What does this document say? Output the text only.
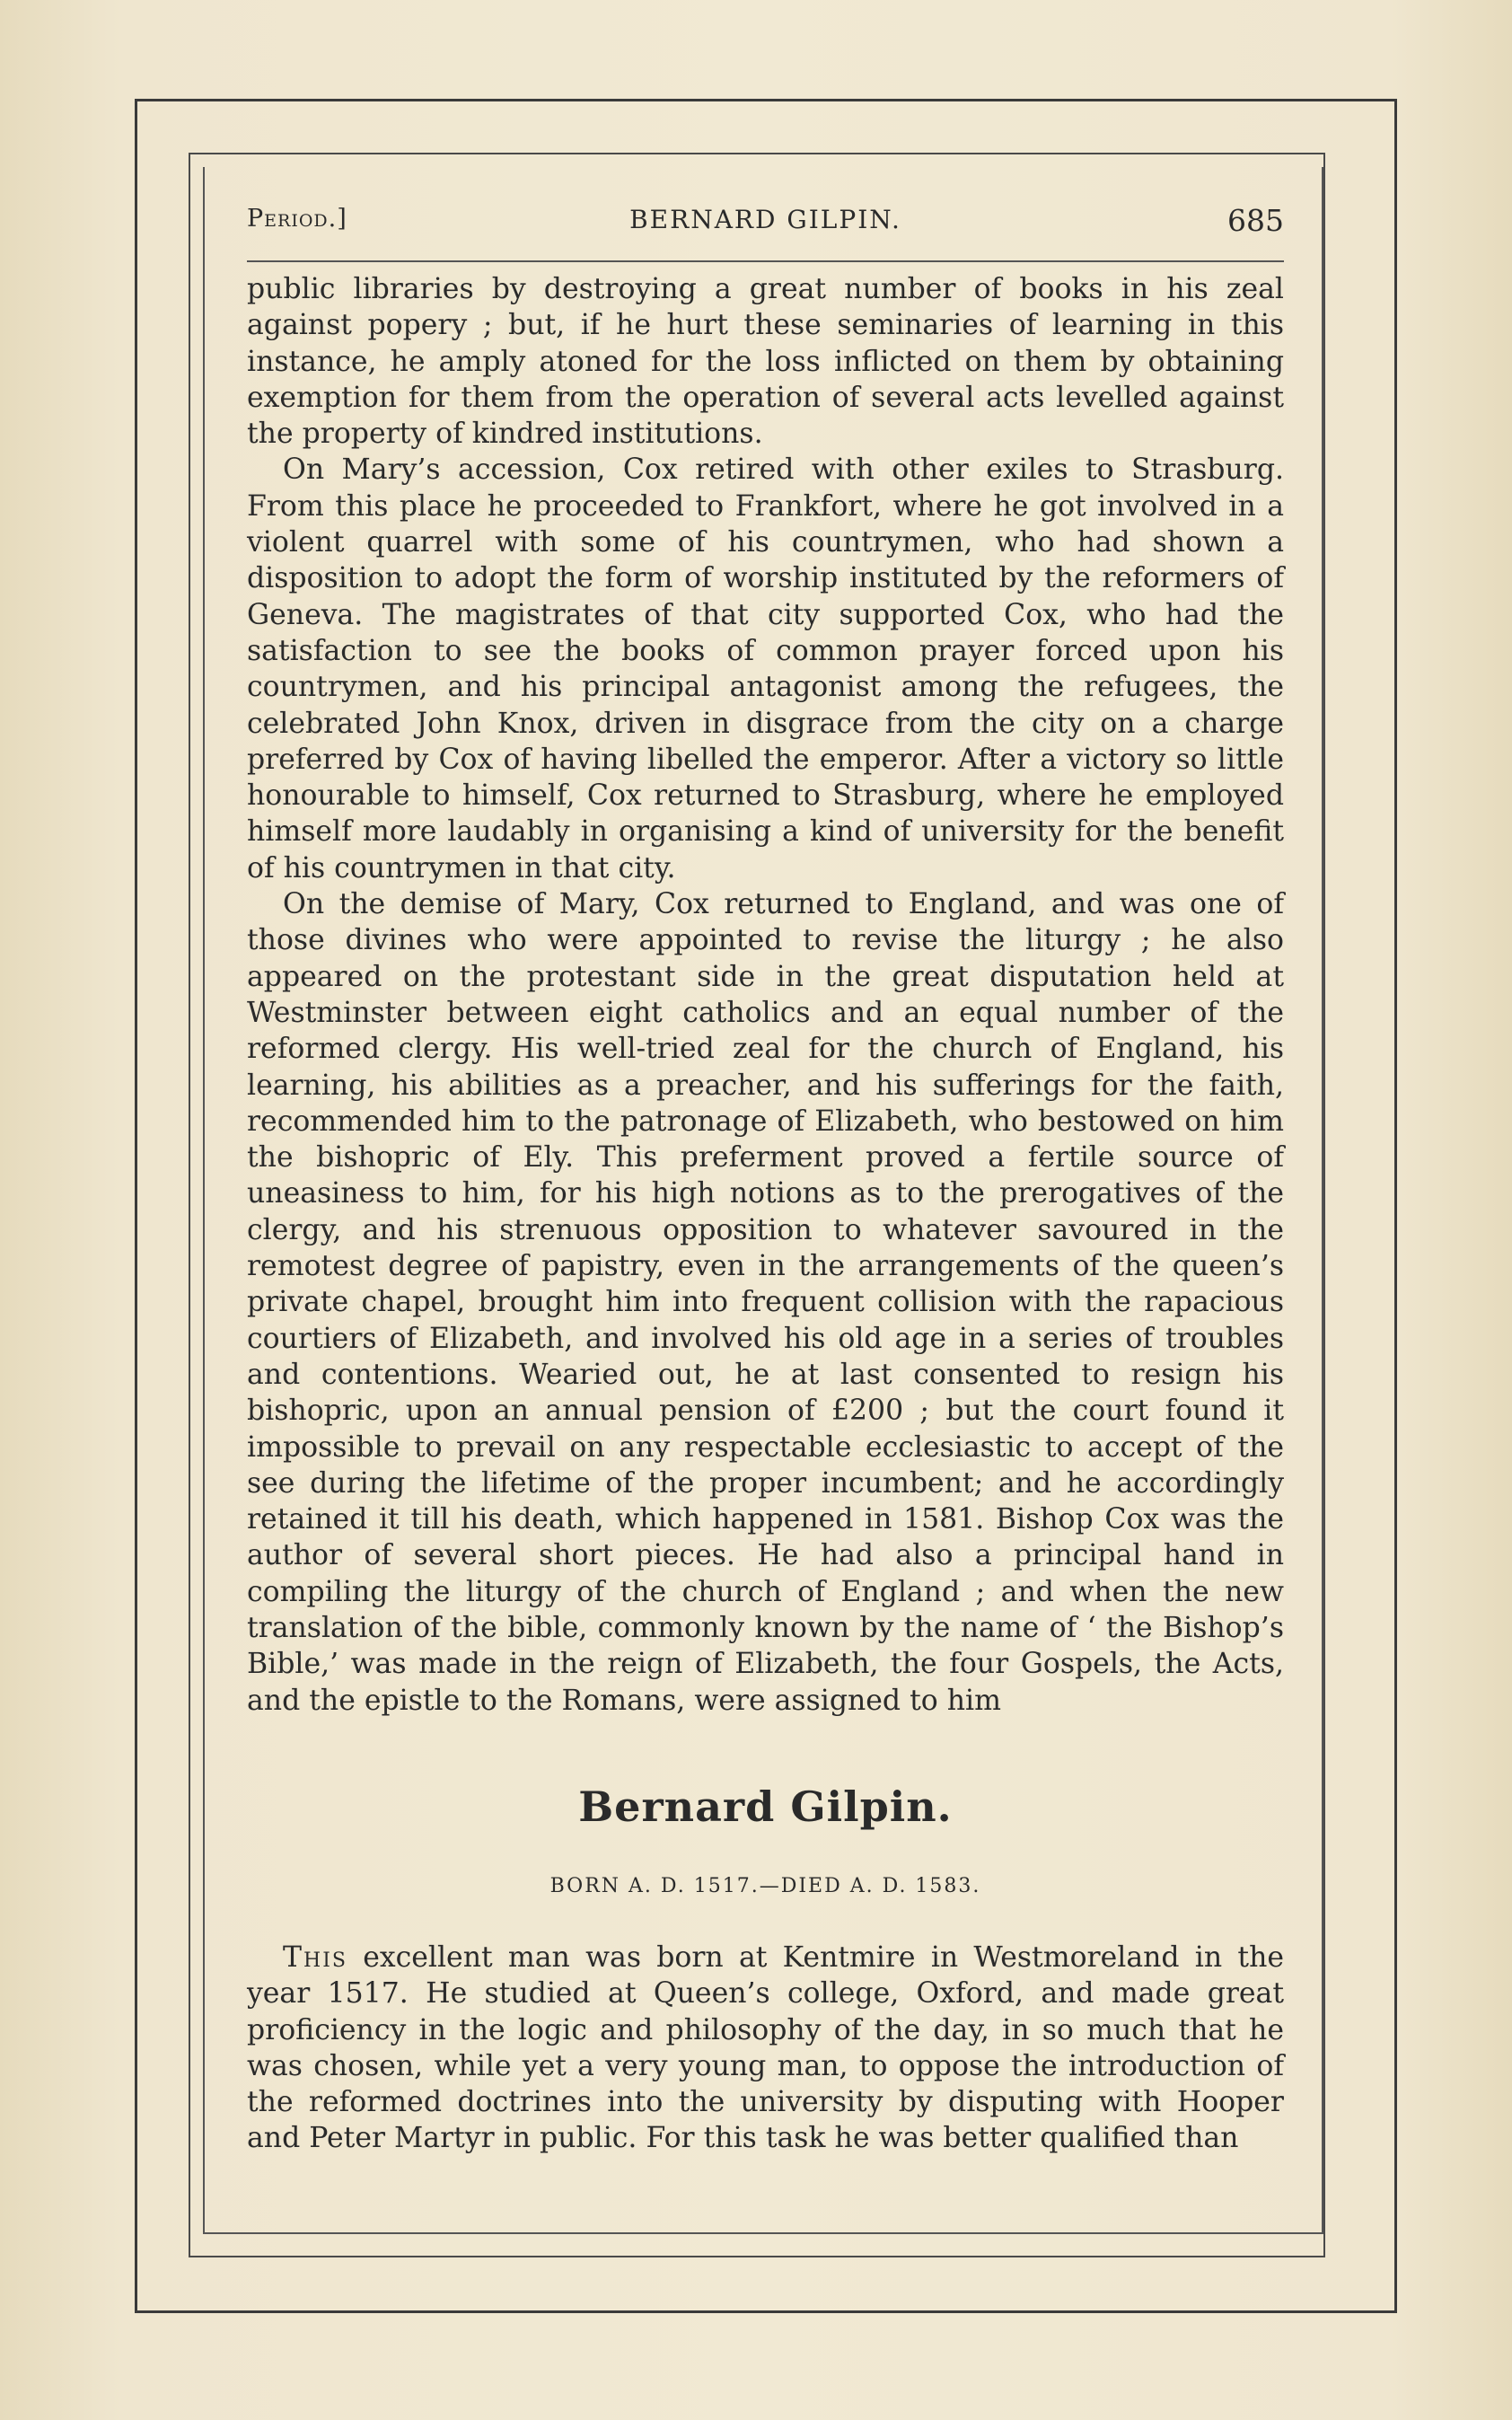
Period.]	BERNARD GILPIN.	685

public libraries by destroying a great number of books in his zeal against popery ; but, if he hurt these seminaries of learning in this instance, he amply atoned for the loss inflicted on them by obtaining exemption for them from the operation of several acts levelled against the property of kindred institutions.

On Mary’s accession, Cox retired with other exiles to Strasburg. From this place he proceeded to Frankfort, where he got involved in a violent quarrel with some of his countrymen, who had shown a disposition to adopt the form of worship instituted by the reformers of Geneva. The magistrates of that city supported Cox, who had the satisfaction to see the books of common prayer forced upon his countrymen, and his principal antagonist among the refugees, the celebrated John Knox, driven in disgrace from the city on a charge preferred by Cox of having libelled the emperor. After a victory so little honourable to himself, Cox returned to Strasburg, where he employed himself more laudably in organising a kind of university for the benefit of his countrymen in that city.

On the demise of Mary, Cox returned to England, and was one of those divines who were appointed to revise the liturgy ; he also appeared on the protestant side in the great disputation held at Westminster between eight catholics and an equal number of the reformed clergy. His well-tried zeal for the church of England, his learning, his abilities as a preacher, and his sufferings for the faith, recommended him to the patronage of Elizabeth, who bestowed on him the bishopric of Ely. This preferment proved a fertile source of uneasiness to him, for his high notions as to the prerogatives of the clergy, and his strenuous opposition to whatever savoured in the remotest degree of papistry, even in the arrangements of the queen’s private chapel, brought him into frequent collision with the rapacious courtiers of Elizabeth, and involved his old age in a series of troubles and contentions. Wearied out, he at last consented to resign his bishopric, upon an annual pension of £200 ; but the court found it impossible to prevail on any respectable ecclesiastic to accept of the see during the lifetime of the proper incumbent; and he accordingly retained it till his death, which happened in 1581. Bishop Cox was the author of several short pieces. He had also a principal hand in compiling the liturgy of the church of England ; and when the new translation of the bible, commonly known by the name of ‘ the Bishop’s Bible,’ was made in the reign of Elizabeth, the four Gospels, the Acts, and the epistle to the Romans, were assigned to him

Bernard Gilpin.
BORN A. D. 1517.—DIED A. D. 1583.

This excellent man was born at Kentmire in Westmoreland in the year 1517. He studied at Queen’s college, Oxford, and made great proficiency in the logic and philosophy of the day, in so much that he was chosen, while yet a very young man, to oppose the introduction of the reformed doctrines into the university by disputing with Hooper and Peter Martyr in public. For this task he was better qualified than
